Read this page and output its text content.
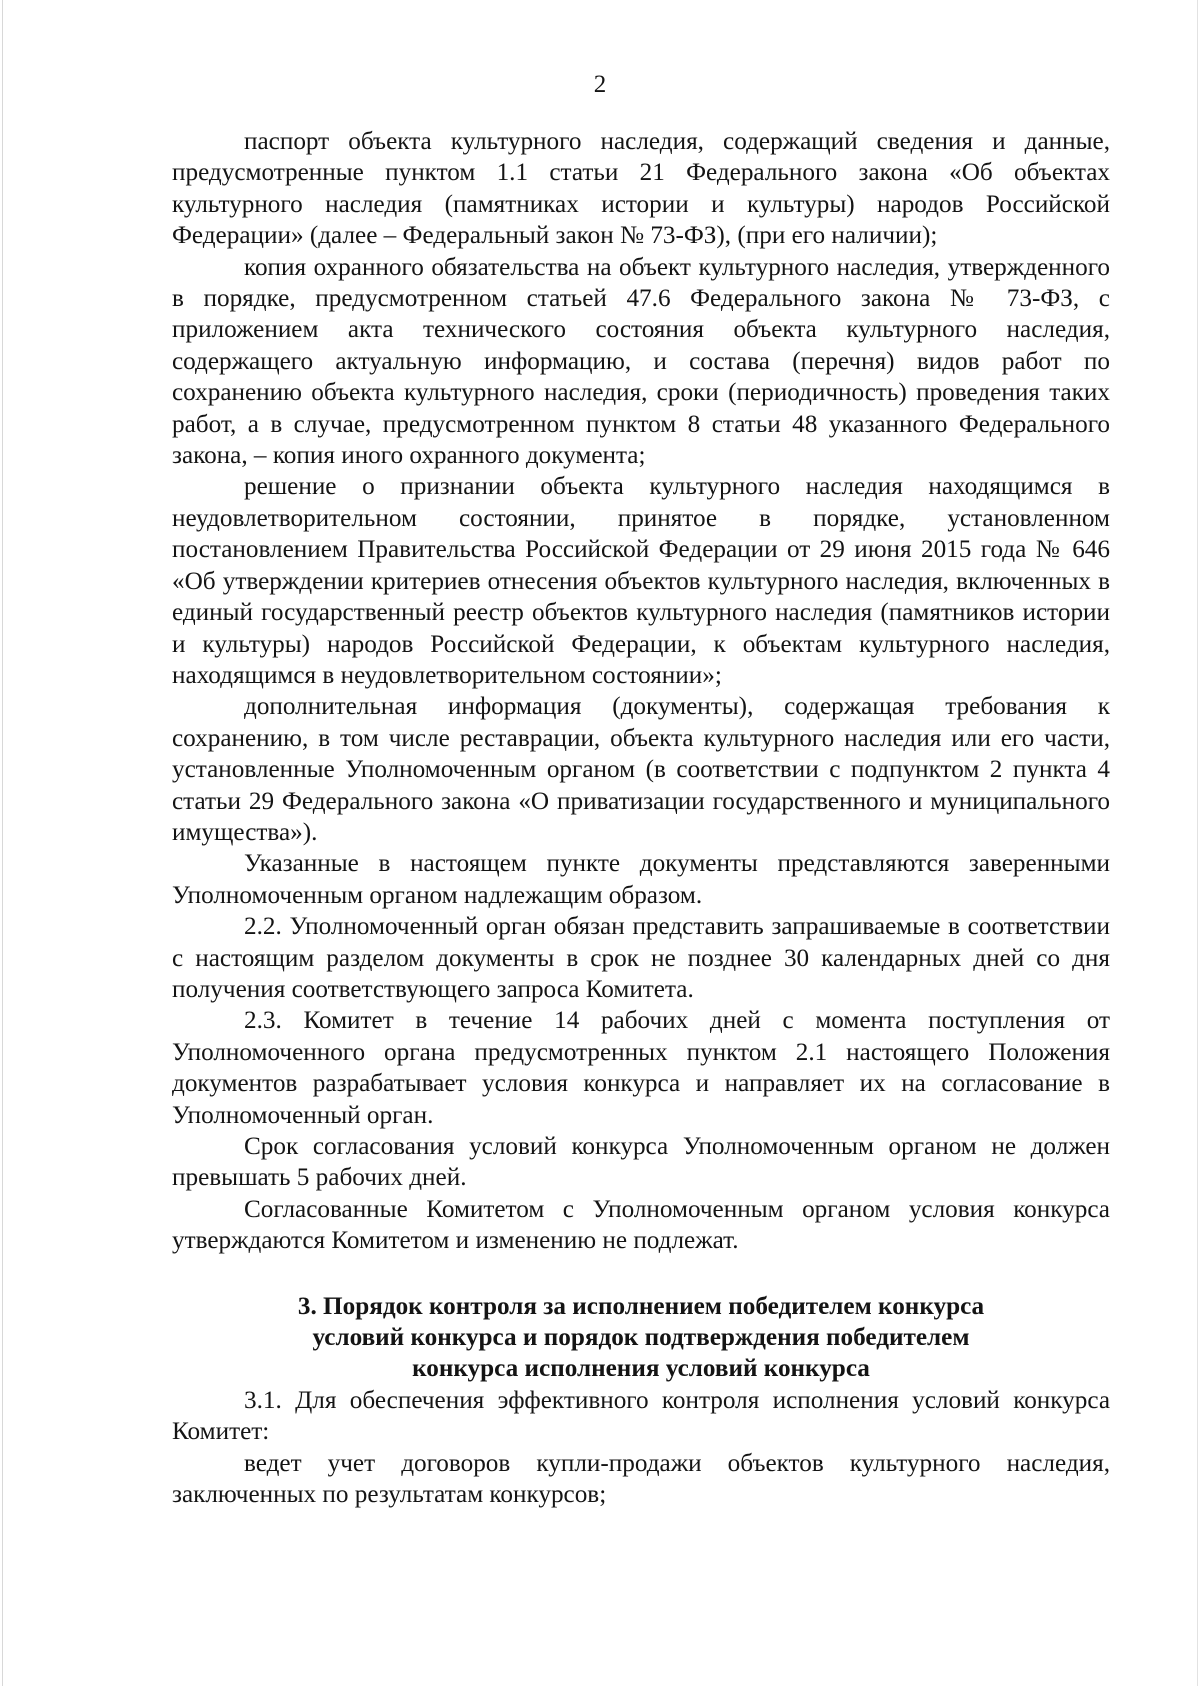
2

паспорт объекта культурного наследия, содержащий сведения и данные, предусмотренные пунктом 1.1 статьи 21 Федерального закона «Об объектах культурного наследия (памятниках истории и культуры) народов Российской Федерации» (далее – Федеральный закон № 73-ФЗ), (при его наличии);

копия охранного обязательства на объект культурного наследия, утвержденного в порядке, предусмотренном статьей 47.6 Федерального закона № 73-ФЗ, с приложением акта технического состояния объекта культурного наследия, содержащего актуальную информацию, и состава (перечня) видов работ по сохранению объекта культурного наследия, сроки (периодичность) проведения таких работ, а в случае, предусмотренном пунктом 8 статьи 48 указанного Федерального закона, – копия иного охранного документа;

решение о признании объекта культурного наследия находящимся в неудовлетворительном состоянии, принятое в порядке, установленном постановлением Правительства Российской Федерации от 29 июня 2015 года № 646 «Об утверждении критериев отнесения объектов культурного наследия, включенных в единый государственный реестр объектов культурного наследия (памятников истории и культуры) народов Российской Федерации, к объектам культурного наследия, находящимся в неудовлетворительном состоянии»;

дополнительная информация (документы), содержащая требования к сохранению, в том числе реставрации, объекта культурного наследия или его части, установленные Уполномоченным органом (в соответствии с подпунктом 2 пункта 4 статьи 29 Федерального закона «О приватизации государственного и муниципального имущества»).

Указанные в настоящем пункте документы представляются заверенными Уполномоченным органом надлежащим образом.

2.2. Уполномоченный орган обязан представить запрашиваемые в соответствии с настоящим разделом документы в срок не позднее 30 календарных дней со дня получения соответствующего запроса Комитета.

2.3. Комитет в течение 14 рабочих дней с момента поступления от Уполномоченного органа предусмотренных пунктом 2.1 настоящего Положения документов разрабатывает условия конкурса и направляет их на согласование в Уполномоченный орган.

Срок согласования условий конкурса Уполномоченным органом не должен превышать 5 рабочих дней.

Согласованные Комитетом с Уполномоченным органом условия конкурса утверждаются Комитетом и изменению не подлежат.

3. Порядок контроля за исполнением победителем конкурса
условий конкурса и порядок подтверждения победителем
конкурса исполнения условий конкурса

3.1. Для обеспечения эффективного контроля исполнения условий конкурса Комитет:

ведет учет договоров купли-продажи объектов культурного наследия, заключенных по результатам конкурсов;
